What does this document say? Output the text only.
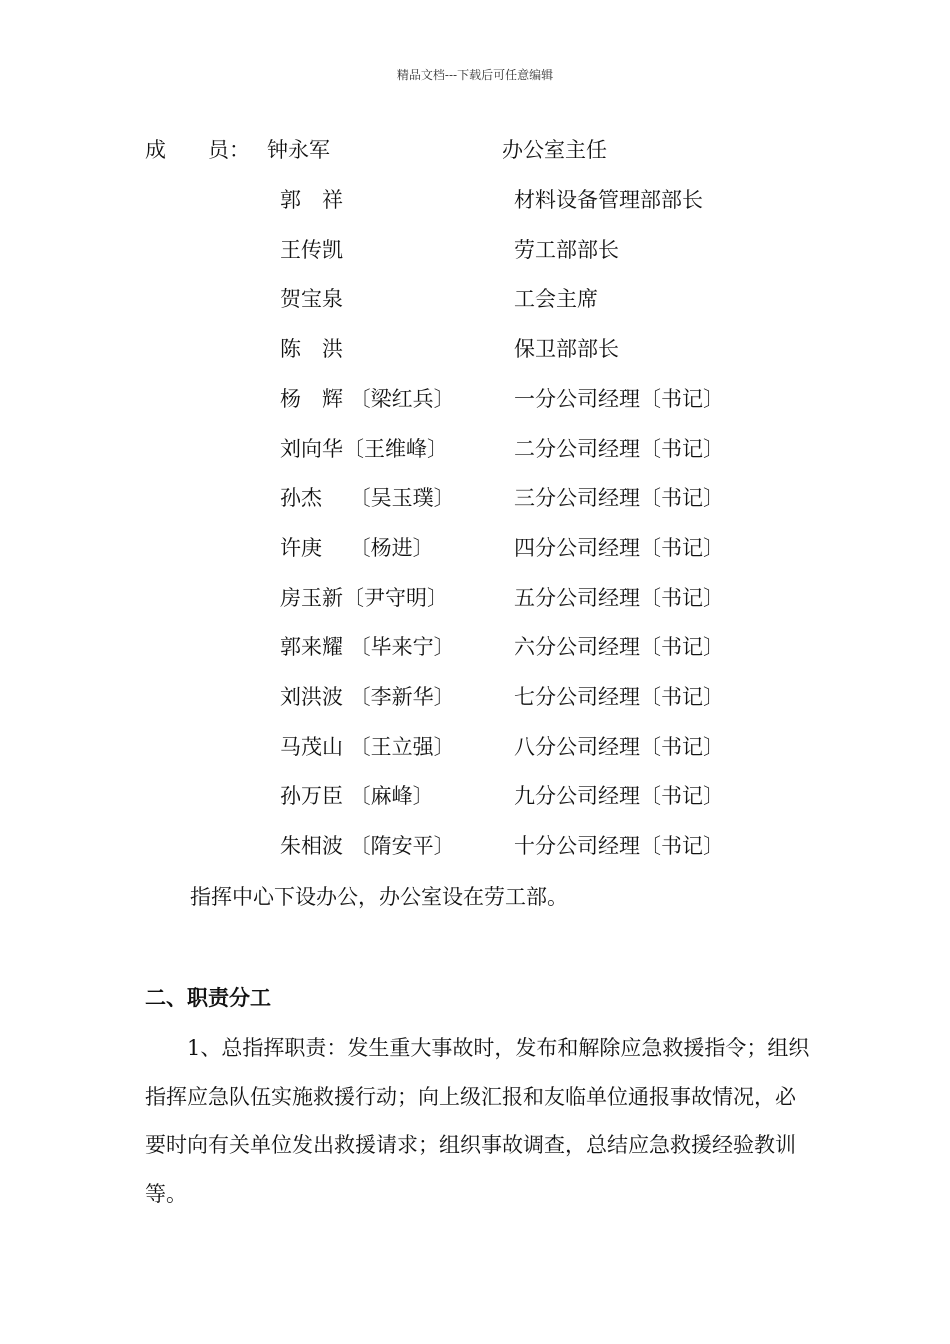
精品文档---下载后可任意编辑
成　　员： 钟永军	办公室主任
郭　祥	材料设备管理部部长
王传凯	劳工部部长
贺宝泉	工会主席
陈　洪	保卫部部长
杨　辉 〔梁红兵〕	一分公司经理〔书记〕
刘向华〔王维峰〕	二分公司经理〔书记〕
孙杰　 〔吴玉璞〕	三分公司经理〔书记〕
许庚　 〔杨进〕	四分公司经理〔书记〕
房玉新〔尹守明〕	五分公司经理〔书记〕
郭来耀 〔毕来宁〕	六分公司经理〔书记〕
刘洪波 〔李新华〕	七分公司经理〔书记〕
马茂山 〔王立强〕	八分公司经理〔书记〕
孙万臣 〔麻峰〕	九分公司经理〔书记〕
朱相波 〔隋安平〕	十分公司经理〔书记〕
指挥中心下设办公，办公室设在劳工部。
二、职责分工
1、总指挥职责：发生重大事故时，发布和解除应急救援指令；组织指挥应急队伍实施救援行动；向上级汇报和友临单位通报事故情况，必要时向有关单位发出救援请求；组织事故调查，总结应急救援经验教训等。
